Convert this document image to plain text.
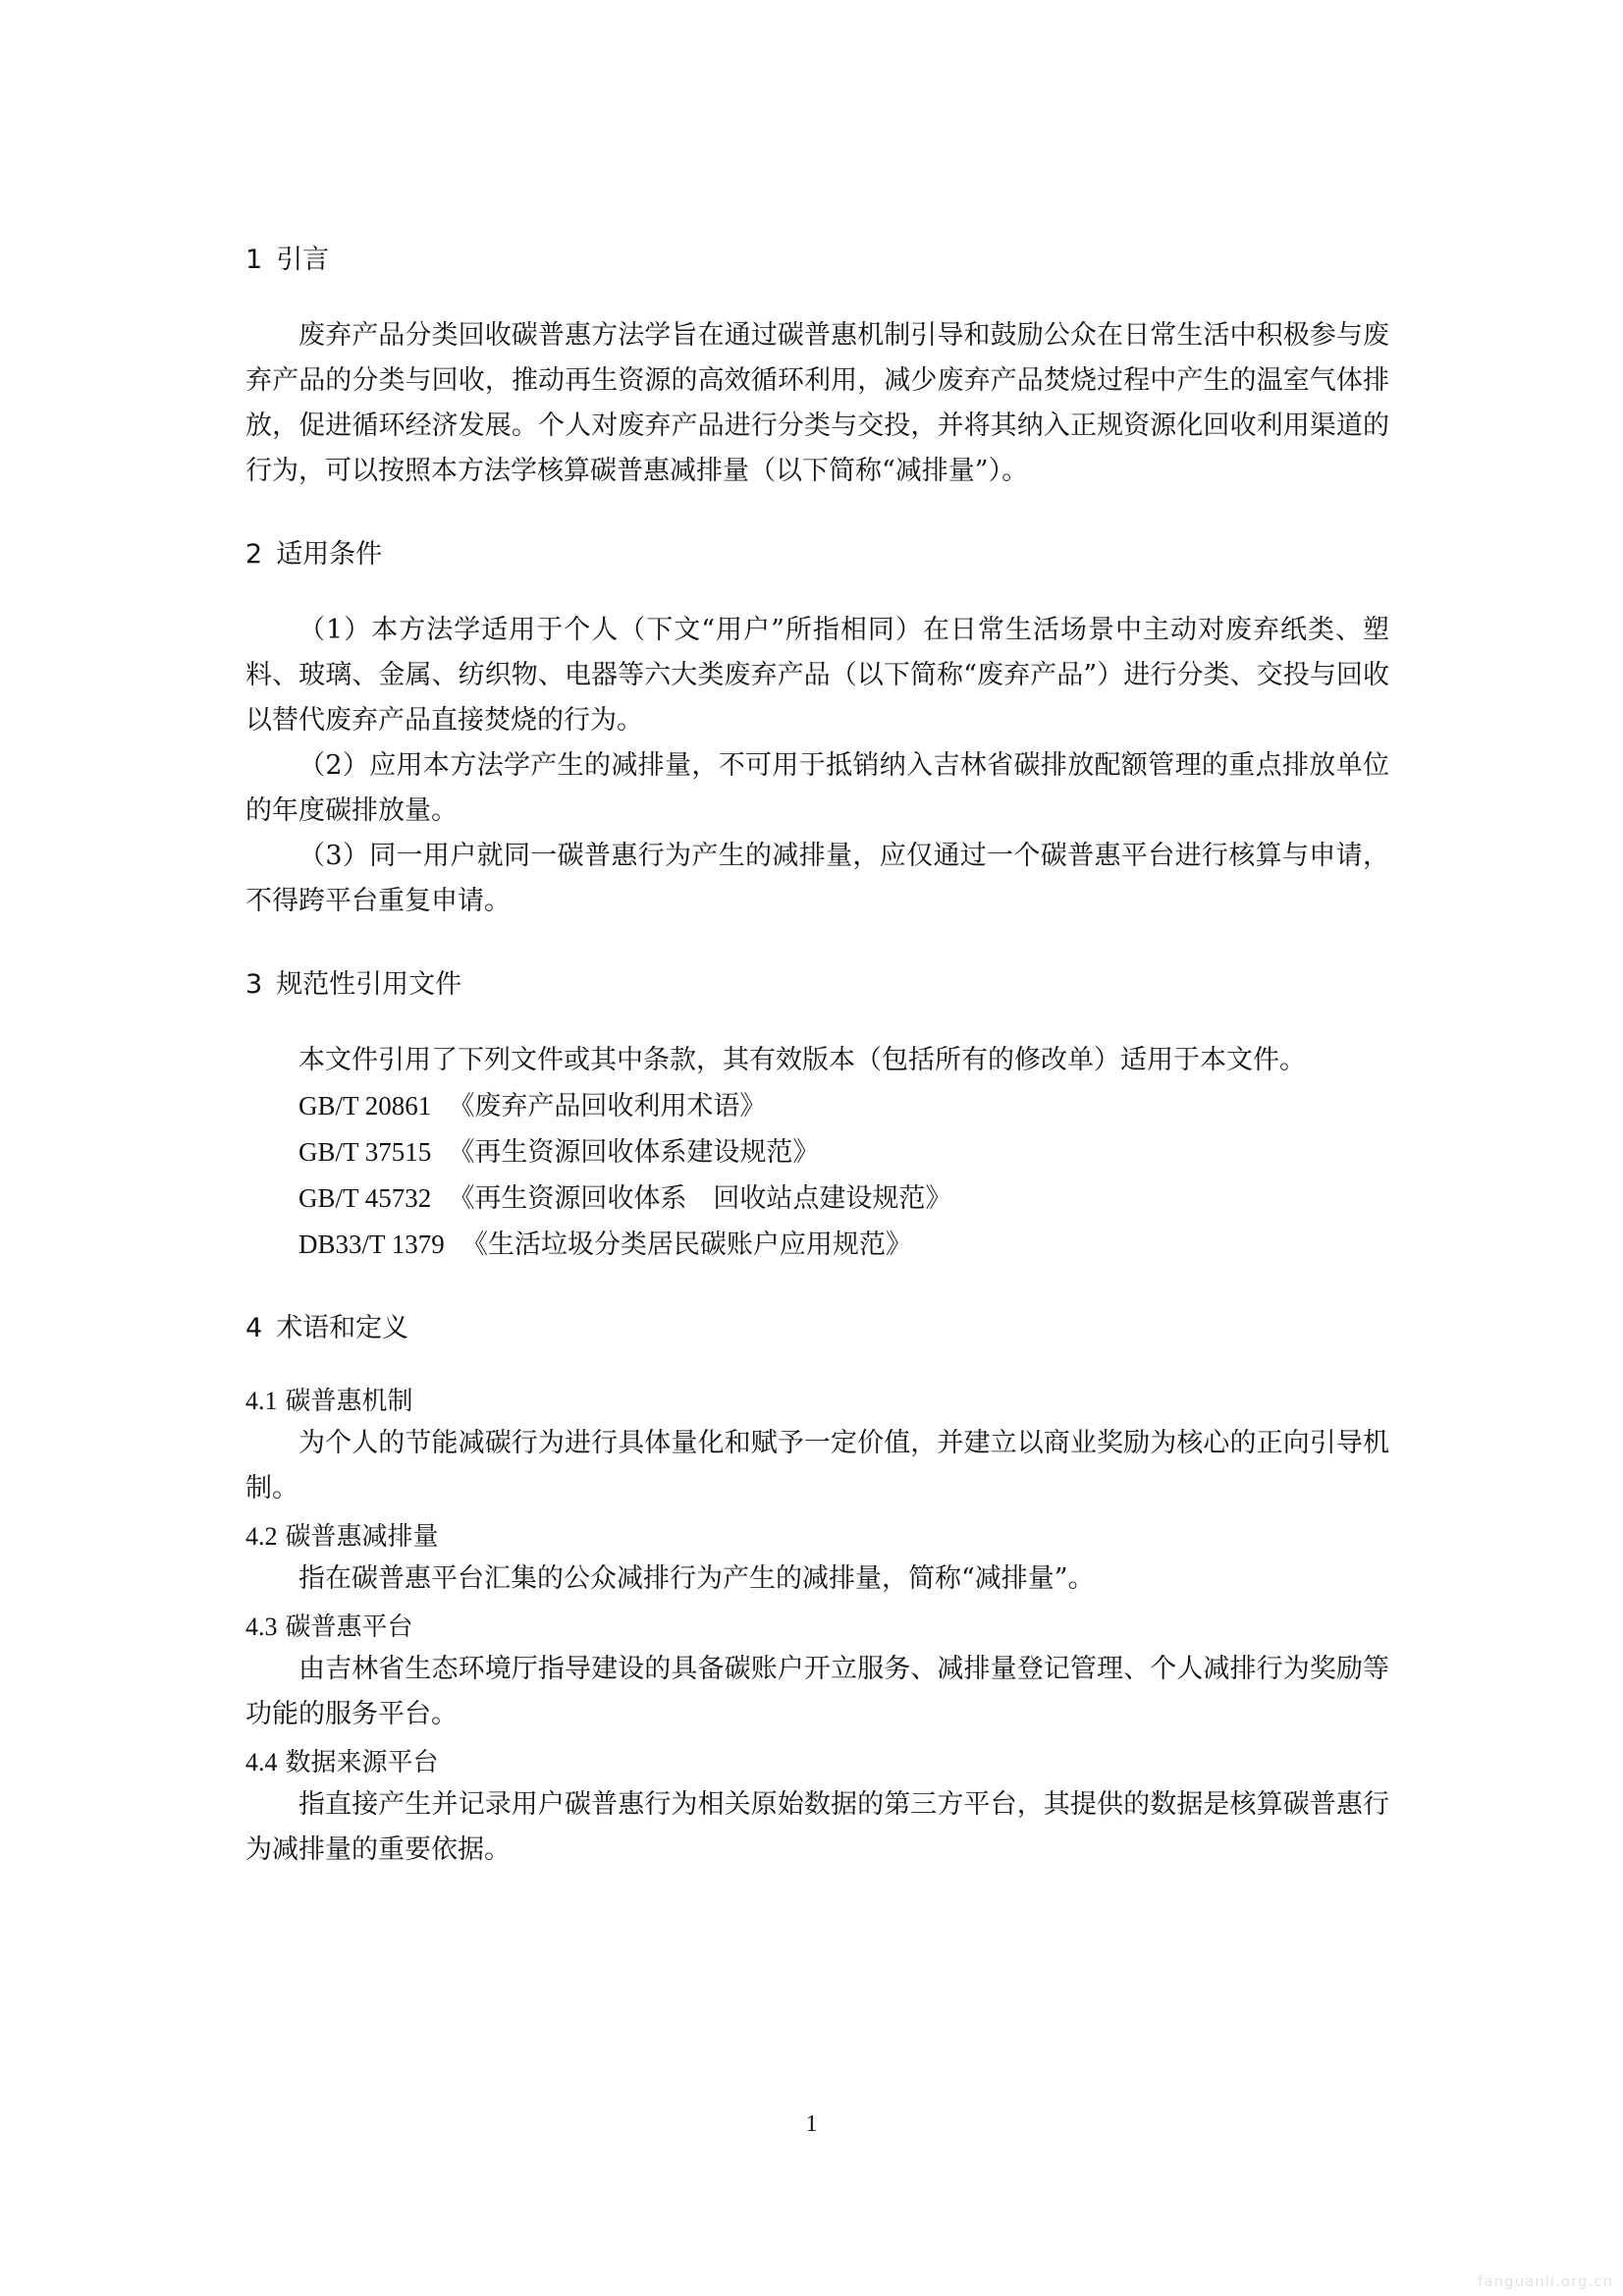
1 引言

废弃产品分类回收碳普惠方法学旨在通过碳普惠机制引导和鼓励公众在日常生活中积极参与废弃产品的分类与回收，推动再生资源的高效循环利用，减少废弃产品焚烧过程中产生的温室气体排放，促进循环经济发展。个人对废弃产品进行分类与交投，并将其纳入正规资源化回收利用渠道的行为，可以按照本方法学核算碳普惠减排量（以下简称“减排量”）。

2 适用条件

（1）本方法学适用于个人（下文“用户”所指相同）在日常生活场景中主动对废弃纸类、塑料、玻璃、金属、纺织物、电器等六大类废弃产品（以下简称“废弃产品”）进行分类、交投与回收以替代废弃产品直接焚烧的行为。

（2）应用本方法学产生的减排量，不可用于抵销纳入吉林省碳排放配额管理的重点排放单位的年度碳排放量。

（3）同一用户就同一碳普惠行为产生的减排量，应仅通过一个碳普惠平台进行核算与申请，不得跨平台重复申请。

3 规范性引用文件

本文件引用了下列文件或其中条款，其有效版本（包括所有的修改单）适用于本文件。

GB/T 20861 《废弃产品回收利用术语》

GB/T 37515 《再生资源回收体系建设规范》

GB/T 45732 《再生资源回收体系　回收站点建设规范》

DB33/T 1379 《生活垃圾分类居民碳账户应用规范》

4 术语和定义
4.1 碳普惠机制

为个人的节能减碳行为进行具体量化和赋予一定价值，并建立以商业奖励为核心的正向引导机制。

4.2 碳普惠减排量

指在碳普惠平台汇集的公众减排行为产生的减排量，简称“减排量”。

4.3 碳普惠平台

由吉林省生态环境厅指导建设的具备碳账户开立服务、减排量登记管理、个人减排行为奖励等功能的服务平台。

4.4 数据来源平台

指直接产生并记录用户碳普惠行为相关原始数据的第三方平台，其提供的数据是核算碳普惠行为减排量的重要依据。

1
fanguanli.org.cn
